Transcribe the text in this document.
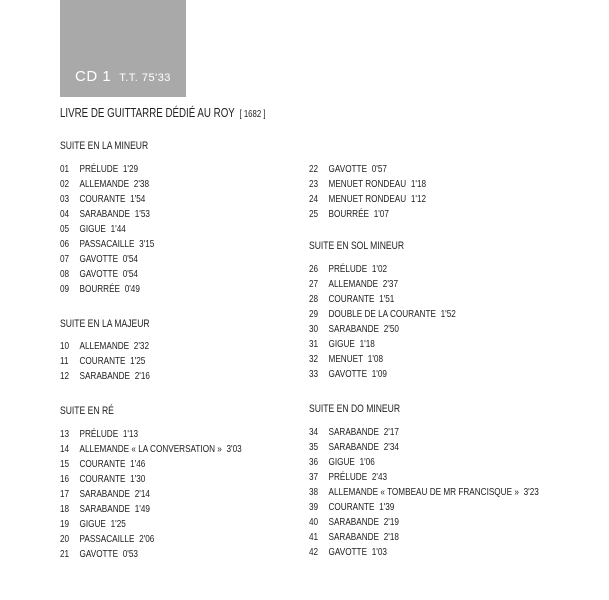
CD 1 T.T. 75'33
LIVRE DE GUITTARRE DÉDIÉ AU ROY [ 1682 ]
SUITE EN LA MINEUR
01 PRÉLUDE 1'29
02 ALLEMANDE 2'38
03 COURANTE 1'54
04 SARABANDE 1'53
05 GIGUE 1'44
06 PASSACAILLE 3'15
07 GAVOTTE 0'54
08 GAVOTTE 0'54
09 BOURRÉE 0'49
SUITE EN LA MAJEUR
10 ALLEMANDE 2'32
11 COURANTE 1'25
12 SARABANDE 2'16
SUITE EN RÉ
13 PRÉLUDE 1'13
14 ALLEMANDE « LA CONVERSATION » 3'03
15 COURANTE 1'46
16 COURANTE 1'30
17 SARABANDE 2'14
18 SARABANDE 1'49
19 GIGUE 1'25
20 PASSACAILLE 2'06
21 GAVOTTE 0'53
22 GAVOTTE 0'57
23 MENUET RONDEAU 1'18
24 MENUET RONDEAU 1'12
25 BOURRÉE 1'07
SUITE EN SOL MINEUR
26 PRÉLUDE 1'02
27 ALLEMANDE 2'37
28 COURANTE 1'51
29 DOUBLE DE LA COURANTE 1'52
30 SARABANDE 2'50
31 GIGUE 1'18
32 MENUET 1'08
33 GAVOTTE 1'09
SUITE EN DO MINEUR
34 SARABANDE 2'17
35 SARABANDE 2'34
36 GIGUE 1'06
37 PRÉLUDE 2'43
38 ALLEMANDE « TOMBEAU DE MR FRANCISQUE » 3'23
39 COURANTE 1'39
40 SARABANDE 2'19
41 SARABANDE 2'18
42 GAVOTTE 1'03
